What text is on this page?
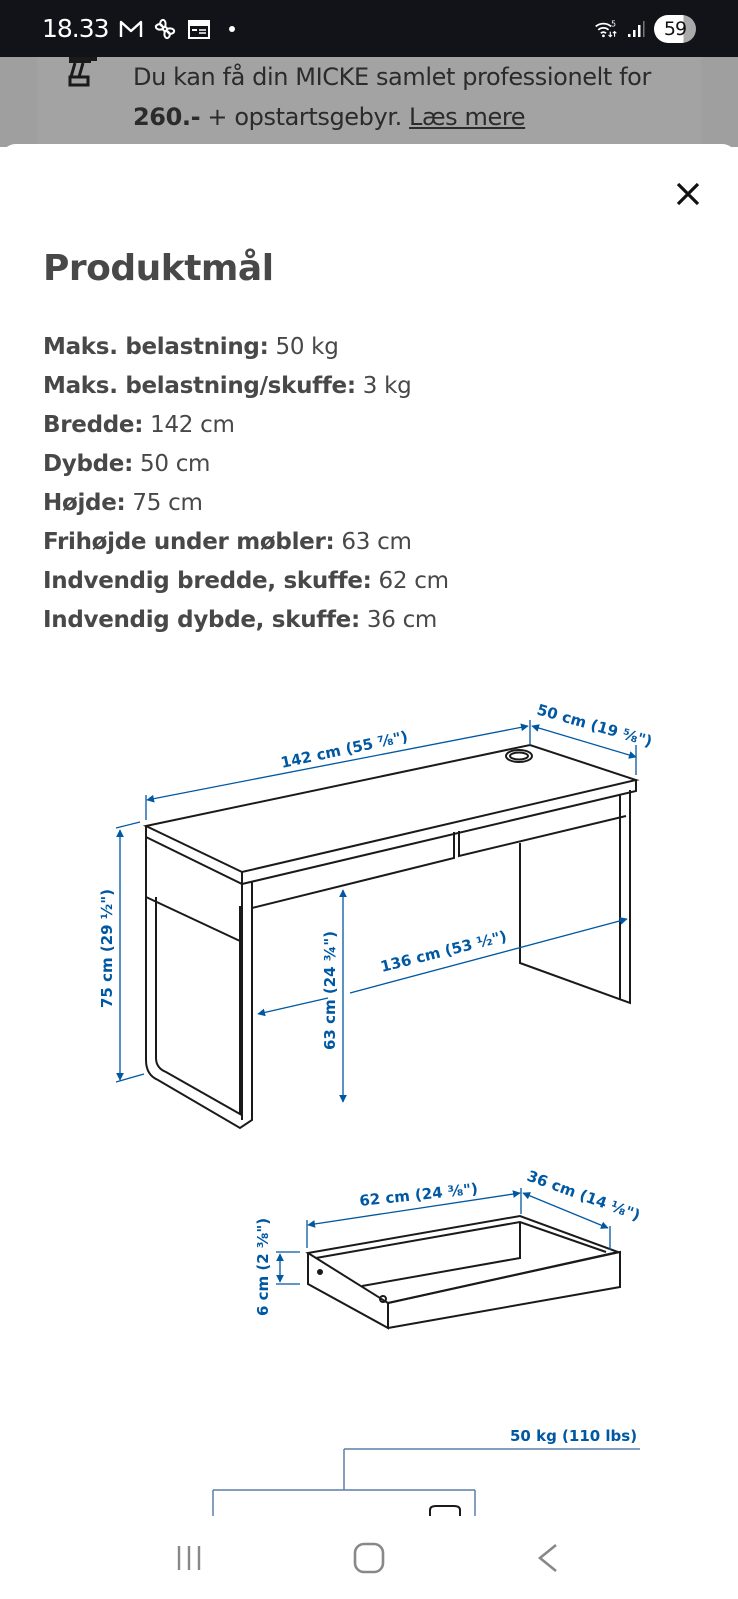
18.33	5	59
Du kan få din MICKE samlet professionelt for
260.- + opstartsgebyr. Læs mere
Produktmål
Maks. belastning: 50 kg
Maks. belastning/skuffe: 3 kg
Bredde: 142 cm
Dybde: 50 cm
Højde: 75 cm
Frihøjde under møbler: 63 cm
Indvendig bredde, skuffe: 62 cm
Indvendig dybde, skuffe: 36 cm
142 cm (55 ⅞")	50 cm (19 ⅝")
75 cm (29 ½")	63 cm (24 ¾")	136 cm (53 ½")
62 cm (24 ⅜")	36 cm (14 ⅛")
6 cm (2 ⅜")
50 kg (110 lbs)
